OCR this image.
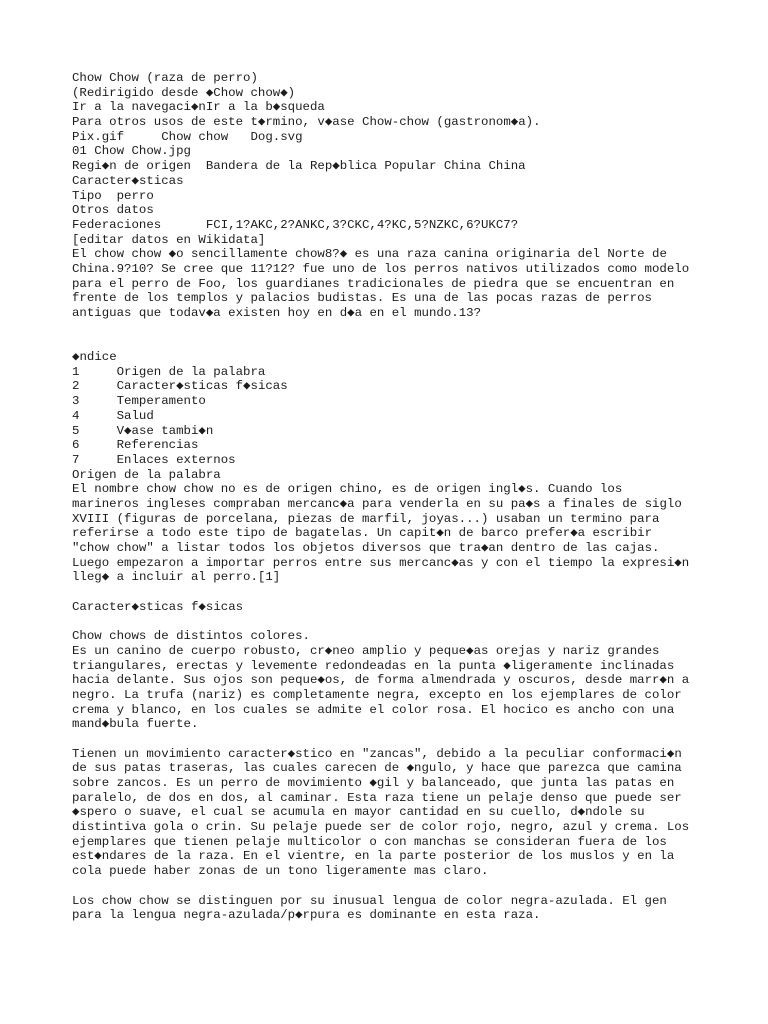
Chow Chow (raza de perro)
(Redirigido desde ◆Chow chow◆)
Ir a la navegaci◆nIr a la b◆squeda
Para otros usos de este t◆rmino, v◆ase Chow-chow (gastronom◆a).
Pix.gif     Chow chow   Dog.svg
01 Chow Chow.jpg
Regi◆n de origen  Bandera de la Rep◆blica Popular China China
Caracter◆sticas
Tipo  perro
Otros datos
Federaciones      FCI,1?AKC,2?ANKC,3?CKC,4?KC,5?NZKC,6?UKC7?
[editar datos en Wikidata]
El chow chow ◆o sencillamente chow8?◆ es una raza canina originaria del Norte de
China.9?10? Se cree que 11?12? fue uno de los perros nativos utilizados como modelo
para el perro de Foo, los guardianes tradicionales de piedra que se encuentran en
frente de los templos y palacios budistas. Es una de las pocas razas de perros
antiguas que todav◆a existen hoy en d◆a en el mundo.13?
◆ndice
1     Origen de la palabra
2     Caracter◆sticas f◆sicas
3     Temperamento
4     Salud
5     V◆ase tambi◆n
6     Referencias
7     Enlaces externos
Origen de la palabra
El nombre chow chow no es de origen chino, es de origen ingl◆s. Cuando los
marineros ingleses compraban mercanc◆a para venderla en su pa◆s a finales de siglo
XVIII (figuras de porcelana, piezas de marfil, joyas...) usaban un termino para
referirse a todo este tipo de bagatelas. Un capit◆n de barco prefer◆a escribir
"chow chow" a listar todos los objetos diversos que tra◆an dentro de las cajas.
Luego empezaron a importar perros entre sus mercanc◆as y con el tiempo la expresi◆n
lleg◆ a incluir al perro.[1]
Caracter◆sticas f◆sicas
Chow chows de distintos colores.
Es un canino de cuerpo robusto, cr◆neo amplio y peque◆as orejas y nariz grandes
triangulares, erectas y levemente redondeadas en la punta ◆ligeramente inclinadas
hacia delante. Sus ojos son peque◆os, de forma almendrada y oscuros, desde marr◆n a
negro. La trufa (nariz) es completamente negra, excepto en los ejemplares de color
crema y blanco, en los cuales se admite el color rosa. El hocico es ancho con una
mand◆bula fuerte.
Tienen un movimiento caracter◆stico en "zancas", debido a la peculiar conformaci◆n
de sus patas traseras, las cuales carecen de ◆ngulo, y hace que parezca que camina
sobre zancos. Es un perro de movimiento ◆gil y balanceado, que junta las patas en
paralelo, de dos en dos, al caminar. Esta raza tiene un pelaje denso que puede ser
◆spero o suave, el cual se acumula en mayor cantidad en su cuello, d◆ndole su
distintiva gola o crin. Su pelaje puede ser de color rojo, negro, azul y crema. Los
ejemplares que tienen pelaje multicolor o con manchas se consideran fuera de los
est◆ndares de la raza. En el vientre, en la parte posterior de los muslos y en la
cola puede haber zonas de un tono ligeramente mas claro.
Los chow chow se distinguen por su inusual lengua de color negra-azulada. El gen
para la lengua negra-azulada/p◆rpura es dominante en esta raza.
